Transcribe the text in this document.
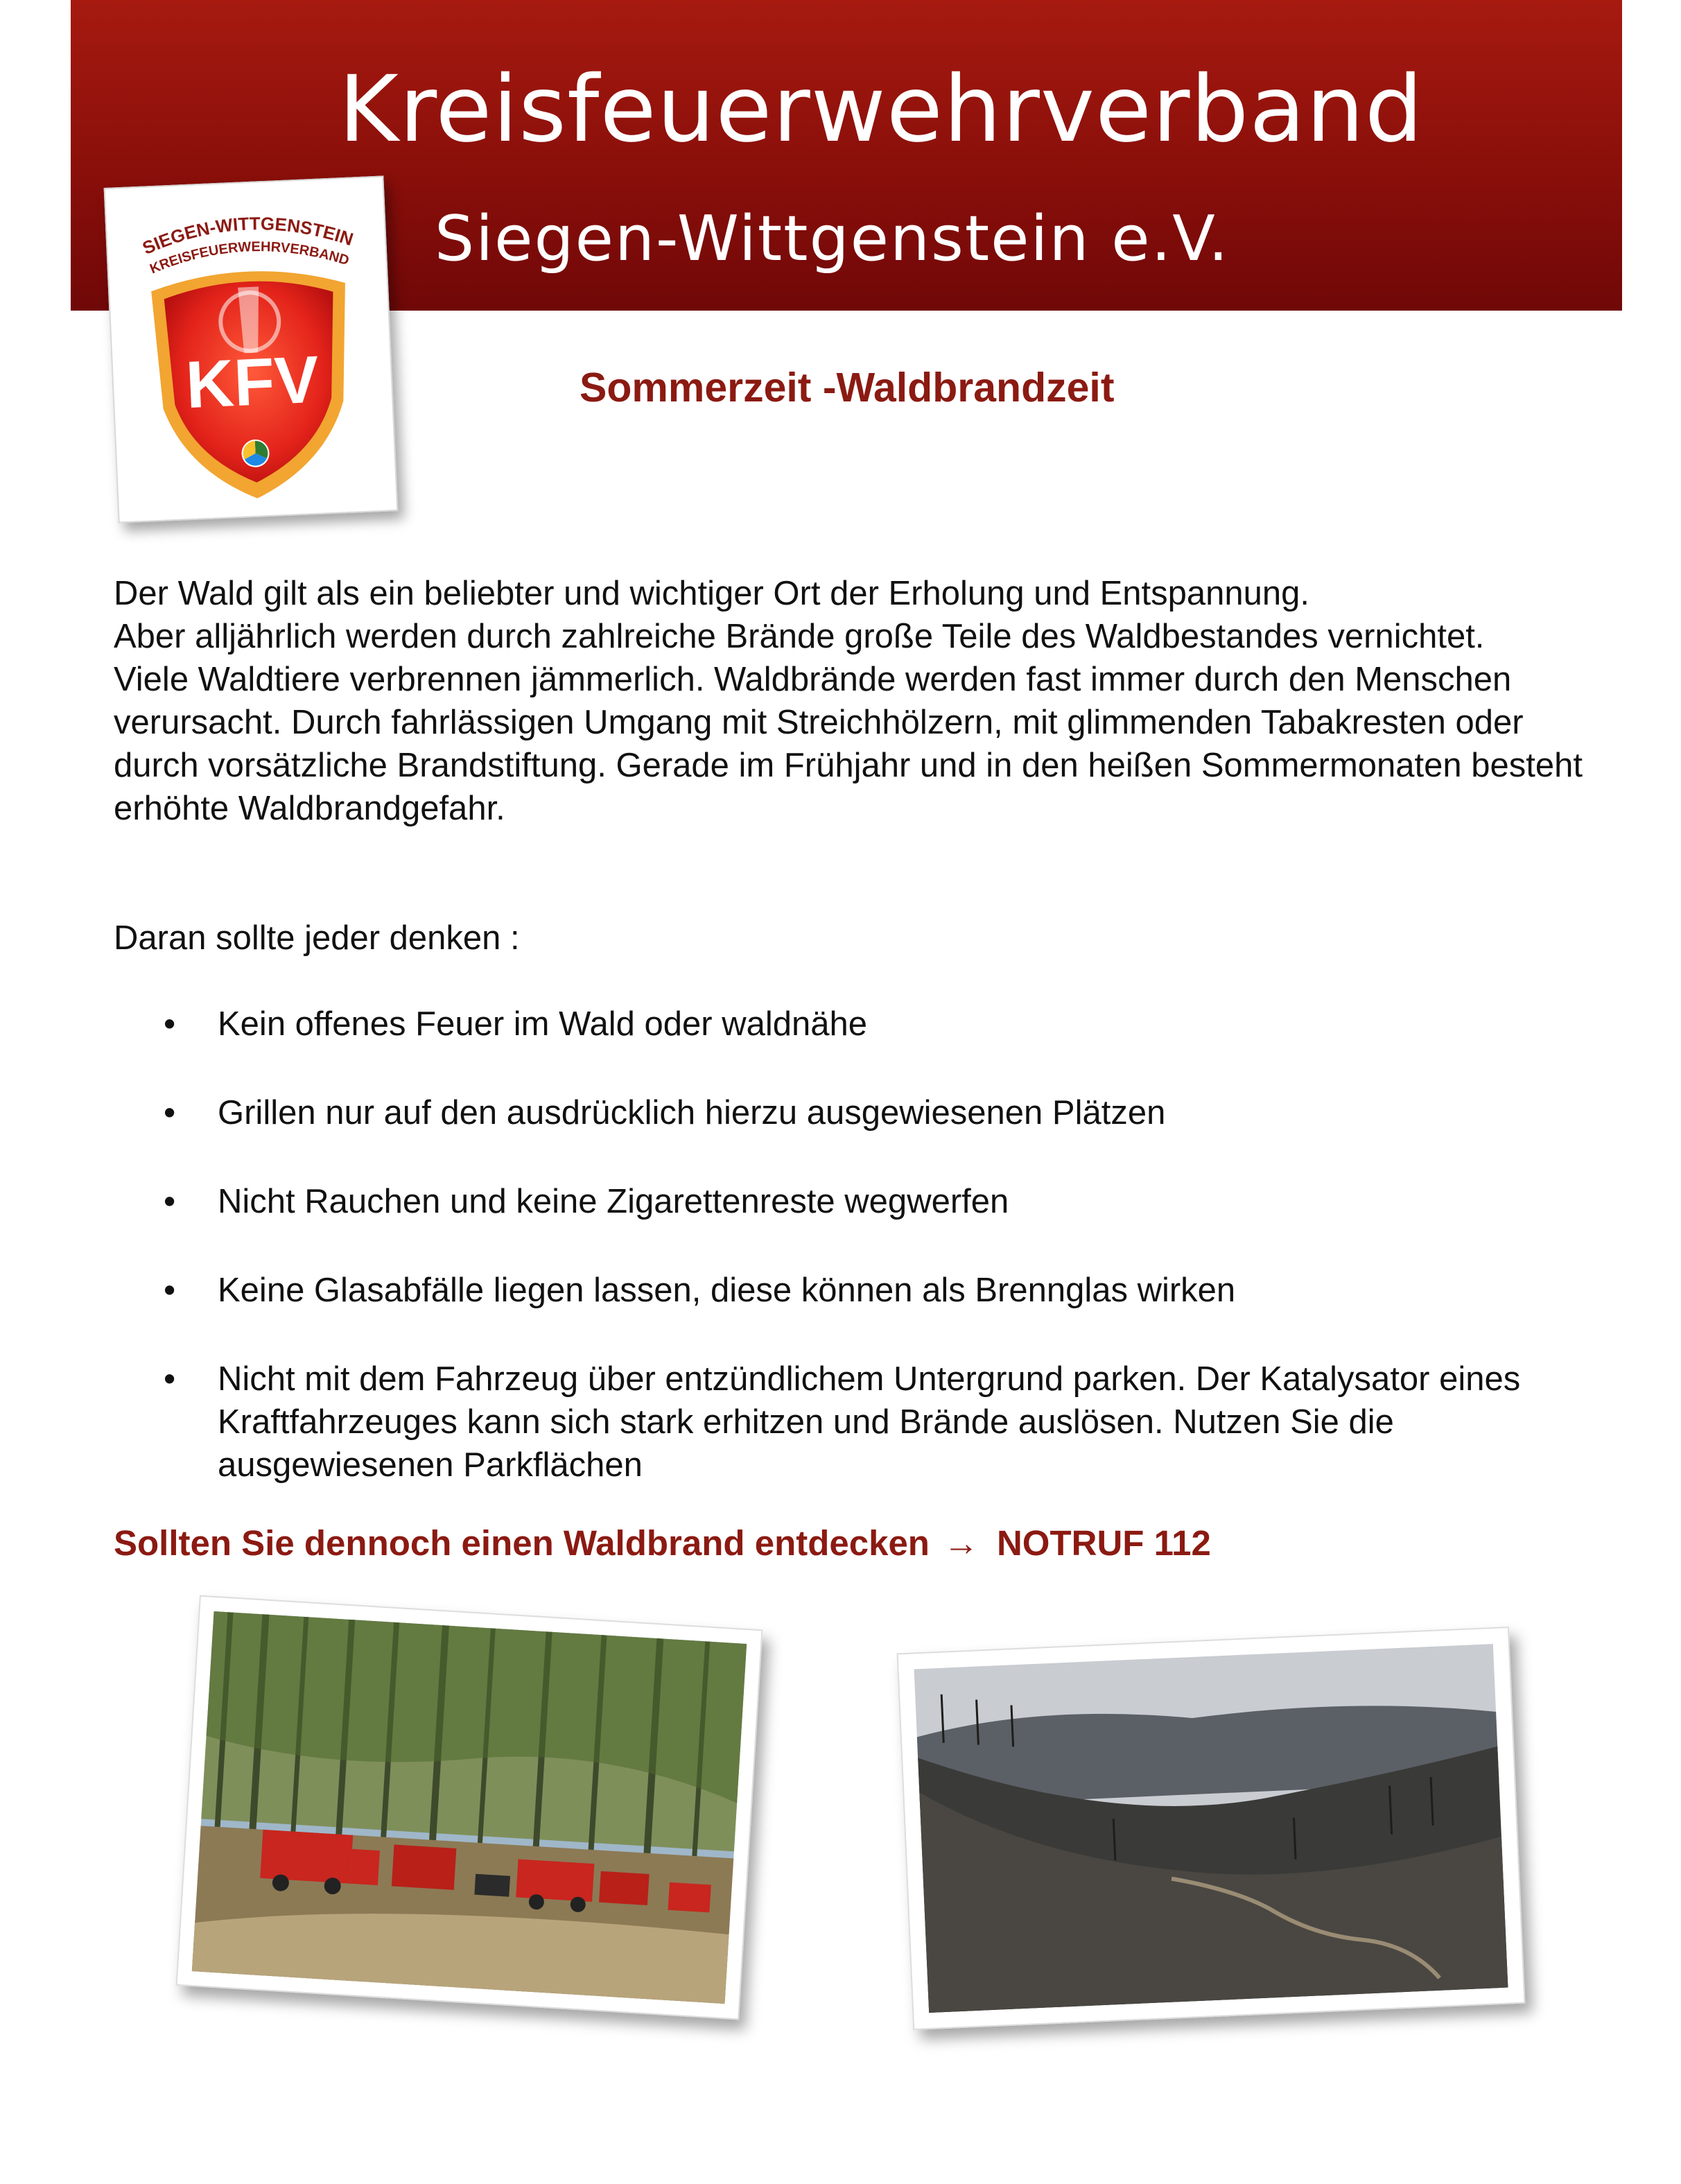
Kreisfeuerwehrverband
Siegen-Wittgenstein e.V.
SIEGEN-WITTGENSTEIN
KREISFEUERWEHRVERBAND
KFV	Sommerzeit -Waldbrandzeit

Der Wald gilt als ein beliebter und wichtiger Ort der Erholung und Entspannung.

Aber alljährlich werden durch zahlreiche Brände große Teile des Waldbestandes vernichtet.

Viele Waldtiere verbrennen jämmerlich. Waldbrände werden fast immer durch den Menschen verursacht. Durch fahrlässigen Umgang mit Streichhölzern, mit glimmenden Tabakresten oder durch vorsätzliche Brandstiftung. Gerade im Frühjahr und in den heißen Sommermonaten besteht erhöhte Waldbrandgefahr.

Daran sollte jeder denken :

• Kein offenes Feuer im Wald oder waldnähe
• Grillen nur auf den ausdrücklich hierzu ausgewiesenen Plätzen
• Nicht Rauchen und keine Zigarettenreste wegwerfen
• Keine Glasabfälle liegen lassen, diese können als Brennglas wirken
• Nicht mit dem Fahrzeug über entzündlichem Untergrund parken. Der Katalysator eines Kraftfahrzeuges kann sich stark erhitzen und Brände auslösen. Nutzen Sie die ausgewiesenen Parkflächen

Sollten Sie dennoch einen Waldbrand entdecken → NOTRUF 112
